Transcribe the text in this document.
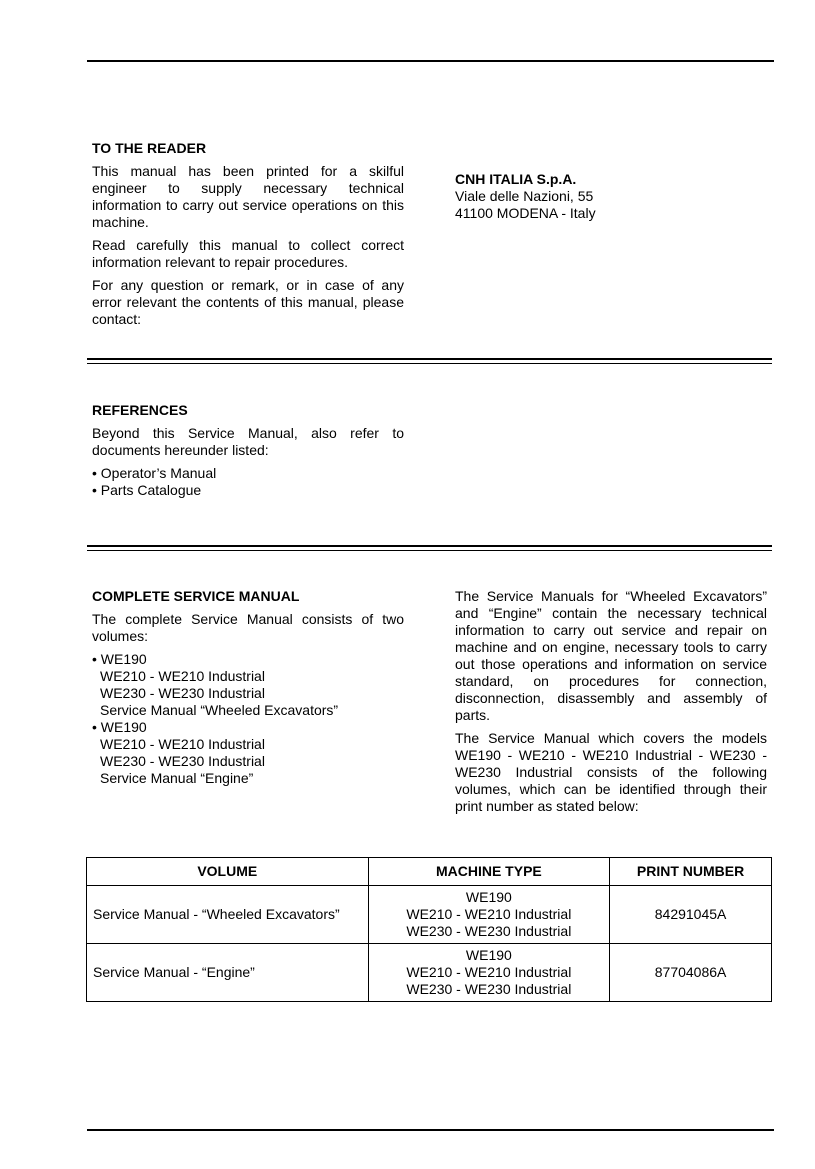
TO THE READER

This manual has been printed for a skilful engineer to supply necessary technical information to carry out service operations on this machine.

Read carefully this manual to collect correct information relevant to repair procedures.

For any question or remark, or in case of any error relevant the contents of this manual, please contact:

CNH ITALIA S.p.A.
Viale delle Nazioni, 55
41100 MODENA - Italy
REFERENCES

Beyond this Service Manual, also refer to documents hereunder listed:

• Operator’s Manual
• Parts Catalogue
COMPLETE SERVICE MANUAL

The complete Service Manual consists of two volumes:

• WE190
WE210 - WE210 Industrial
WE230 - WE230 Industrial
Service Manual “Wheeled Excavators”
• WE190
WE210 - WE210 Industrial
WE230 - WE230 Industrial
Service Manual “Engine”

The Service Manuals for “Wheeled Excavators” and “Engine” contain the necessary technical information to carry out service and repair on machine and on engine, necessary tools to carry out those operations and information on service standard, on procedures for connection, disconnection, disassembly and assembly of parts.

The Service Manual which covers the models WE190 - WE210 - WE210 Industrial - WE230 - WE230 Industrial consists of the following volumes, which can be identified through their print number as stated below:

VOLUME	MACHINE TYPE	PRINT NUMBER
Service Manual - “Wheeled Excavators”	WE190
WE210 - WE210 Industrial
WE230 - WE230 Industrial	84291045A
Service Manual - “Engine”	WE190
WE210 - WE210 Industrial
WE230 - WE230 Industrial	87704086A
